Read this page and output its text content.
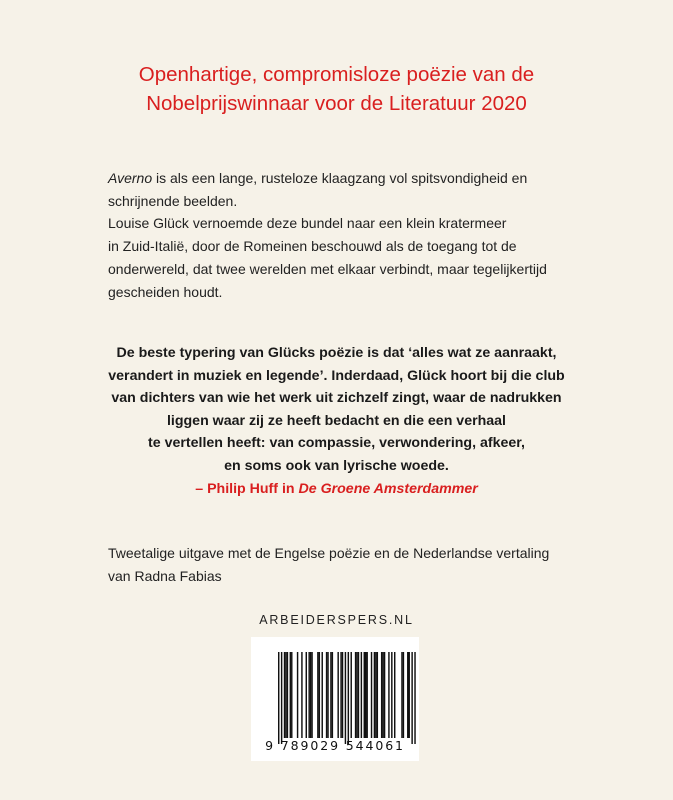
Openhartige, compromisloze poëzie van de
Nobelprijswinnaar voor de Literatuur 2020
Averno is als een lange, rusteloze klaagzang vol spitsvondigheid en
schrijnende beelden.
Louise Glück vernoemde deze bundel naar een klein kratermeer
in Zuid-Italië, door de Romeinen beschouwd als de toegang tot de
onderwereld, dat twee werelden met elkaar verbindt, maar tegelijkertijd
gescheiden houdt.
De beste typering van Glücks poëzie is dat ‘alles wat ze aanraakt,
verandert in muziek en legende’. Inderdaad, Glück hoort bij die club
van dichters van wie het werk uit zichzelf zingt, waar de nadrukken
liggen waar zij ze heeft bedacht en die een verhaal
te vertellen heeft: van compassie, verwondering, afkeer,
en soms ook van lyrische woede.
– Philip Huff in De Groene Amsterdammer
Tweetalige uitgave met de Engelse poëzie en de Nederlandse vertaling
van Radna Fabias
ARBEIDERSPERS.NL
9 789029 544061
